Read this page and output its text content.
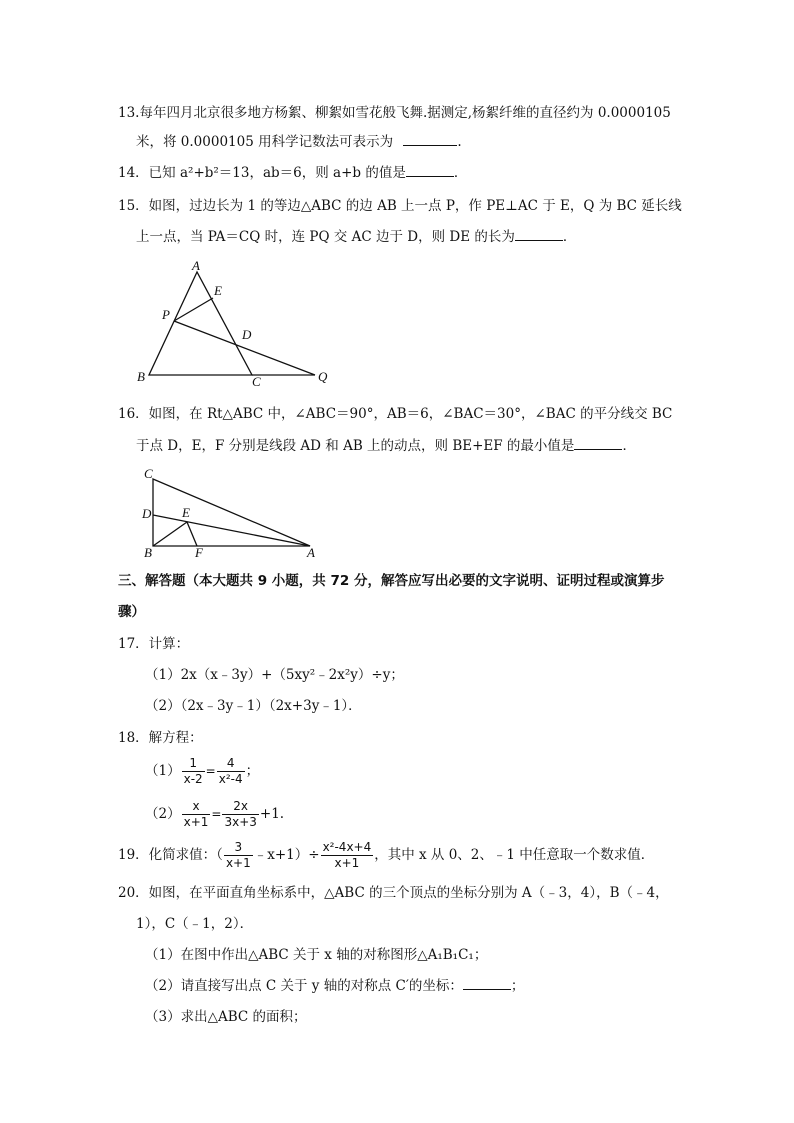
13.每年四月北京很多地方杨絮、柳絮如雪花般飞舞.据测定,杨絮纤维的直径约为 0.0000105
米，将 0.0000105 用科学记数法可表示为	.
14．已知 a²+b²＝13，ab＝6，则 a+b 的值是	．
15．如图，过边长为 1 的等边△ABC 的边 AB 上一点 P，作 PE⊥AC 于 E，Q 为 BC 延长线
上一点，当 PA＝CQ 时，连 PQ 交 AC 边于 D，则 DE 的长为	．
A
E
P
D
B	C	Q
16．如图，在 Rt△ABC 中，∠ABC＝90°，AB＝6，∠BAC＝30°，∠BAC 的平分线交 BC
于点 D，E，F 分别是线段 AD 和 AB 上的动点，则 BE+EF 的最小值是	．
C
D E
B	F	A
三、解答题（本大题共 9 小题，共 72 分，解答应写出必要的文字说明、证明过程或演算步
骤）
17．计算：
（1）2x（x﹣3y）+（5xy²﹣2x²y）÷y；
（2）（2x﹣3y﹣1）（2x+3y﹣1）．
18．解方程：
$(1) \frac{1}{x-2} = \frac{4}{\text{x²-4}}$ ；
$(2) \frac{x}{x+1} = \frac{2x}{3x+3} +1$.
19．化简求值：（ $\frac{3}{x+1}$ ﹣x+1）÷ $\frac{\text{x²-4x+4}}{x+1}$ ，其中 x 从 0、2、﹣1 中任意取一个数求值．
20．如图，在平面直角坐标系中，△ABC 的三个顶点的坐标分别为 A（﹣3，4），B（﹣4，
1），C（﹣1，2）．
（1）在图中作出△ABC 关于 x 轴的对称图形△A₁B₁C₁；
（2）请直接写出点 C 关于 y 轴的对称点 C′的坐标：	；
（3）求出△ABC 的面积；
